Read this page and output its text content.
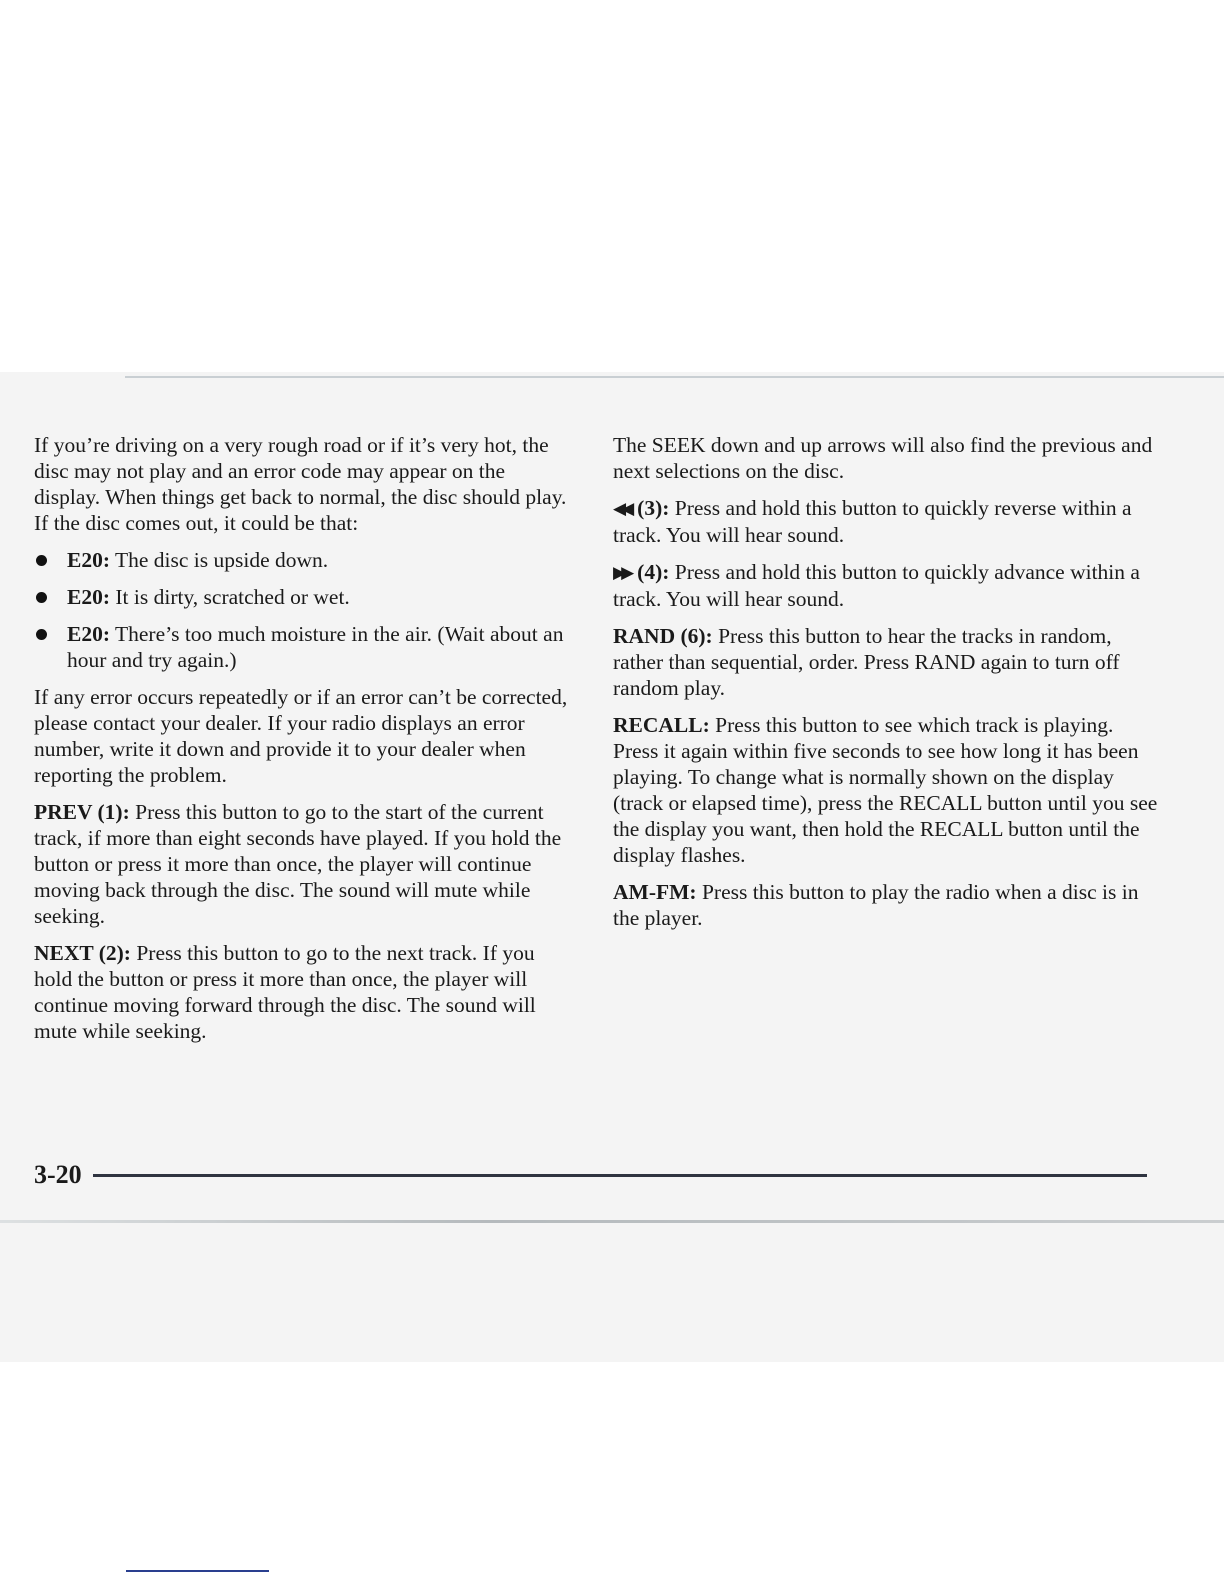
If you’re driving on a very rough road or if it’s very hot, the disc may not play and an error code may appear on the display. When things get back to normal, the disc should play. If the disc comes out, it could be that:

E20: The disc is upside down.
E20: It is dirty, scratched or wet.
E20: There’s too much moisture in the air. (Wait about an hour and try again.)

If any error occurs repeatedly or if an error can’t be corrected, please contact your dealer. If your radio displays an error number, write it down and provide it to your dealer when reporting the problem.

PREV (1): Press this button to go to the start of the current track, if more than eight seconds have played. If you hold the button or press it more than once, the player will continue moving back through the disc. The sound will mute while seeking.

NEXT (2): Press this button to go to the next track. If you hold the button or press it more than once, the player will continue moving forward through the disc. The sound will mute while seeking.

The SEEK down and up arrows will also find the previous and next selections on the disc.

◀◀ (3): Press and hold this button to quickly reverse within a track. You will hear sound.

▶▶ (4): Press and hold this button to quickly advance within a track. You will hear sound.

RAND (6): Press this button to hear the tracks in random, rather than sequential, order. Press RAND again to turn off random play.

RECALL: Press this button to see which track is playing. Press it again within five seconds to see how long it has been playing. To change what is normally shown on the display (track or elapsed time), press the RECALL button until you see the display you want, then hold the RECALL button until the display flashes.

AM-FM: Press this button to play the radio when a disc is in the player.

3-20
